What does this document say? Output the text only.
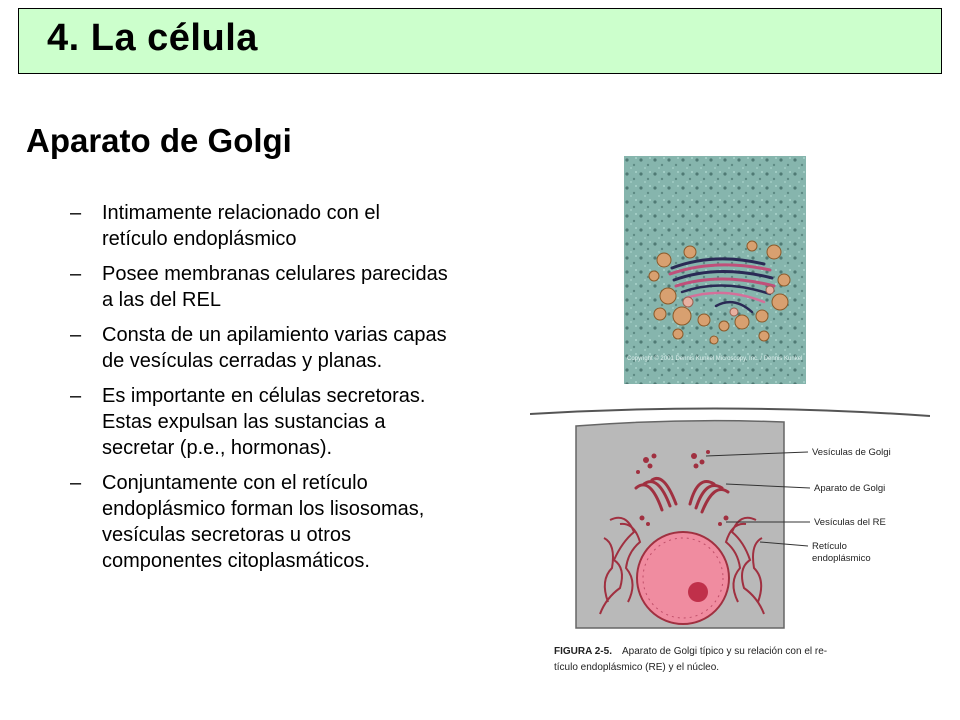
4. La célula
Aparato de Golgi
– Intimamente relacionado con el retículo endoplásmico
– Posee membranas celulares parecidas a las del REL
– Consta de un apilamiento varias capas de vesículas cerradas y planas.
– Es importante en células secretoras. Estas expulsan las sustancias a secretar (p.e., hormonas).
– Conjuntamente con el retículo endoplásmico forman los lisosomas, vesículas secretoras u otros componentes citoplasmáticos.
Copyright © 2001 Dennis Kunkel Microscopy, Inc. / Dennis Kunkel
Vesículas de Golgi
Aparato de Golgi
Vesículas del RE
Retículo
endoplásmico
FIGURA 2-5. Aparato de Golgi típico y su relación con el re-
tículo endoplásmico (RE) y el núcleo.
